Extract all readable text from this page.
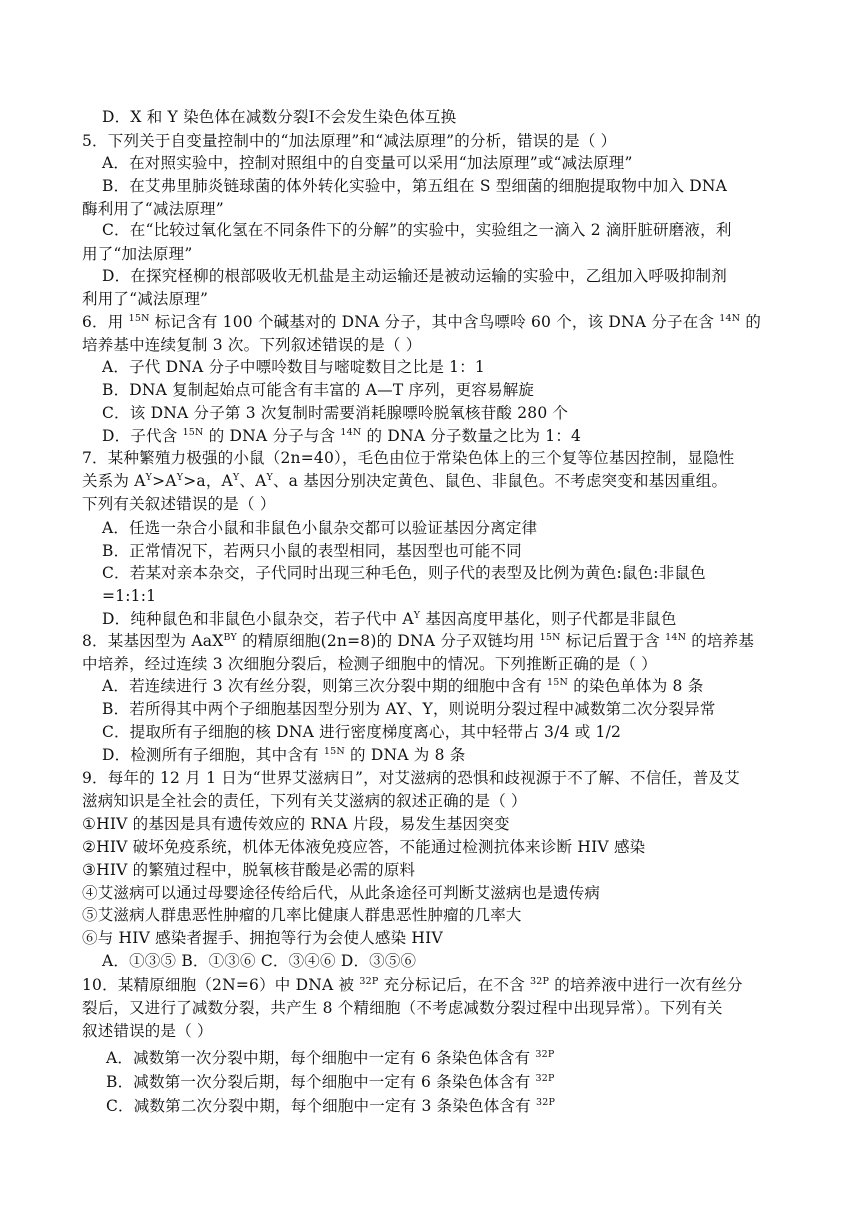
D．X 和 Y 染色体在减数分裂Ⅰ不会发生染色体互换
5．下列关于自变量控制中的“加法原理”和“减法原理”的分析，错误的是（ ）
A．在对照实验中，控制对照组中的自变量可以采用“加法原理”或“减法原理”
B．在艾弗里肺炎链球菌的体外转化实验中，第五组在 S 型细菌的细胞提取物中加入 DNA
酶利用了“减法原理”
C．在“比较过氧化氢在不同条件下的分解”的实验中，实验组之一滴入 2 滴肝脏研磨液，利
用了“加法原理”
D．在探究柽柳的根部吸收无机盐是主动运输还是被动运输的实验中，乙组加入呼吸抑制剂
利用了“减法原理”
6．用 $^{15N}$ 标记含有 100 个碱基对的 DNA 分子，其中含鸟嘌呤 60 个，该 DNA 分子在含 $^{14N}$ 的
培养基中连续复制 3 次。下列叙述错误的是（ ）
A．子代 DNA 分子中嘌呤数目与嘧啶数目之比是 1：1
B．DNA 复制起始点可能含有丰富的 A—T 序列，更容易解旋
C．该 DNA 分子第 3 次复制时需要消耗腺嘌呤脱氧核苷酸 280 个
D．子代含 $^{15N}$ 的 DNA 分子与含 $^{14N}$ 的 DNA 分子数量之比为 1：4
7．某种繁殖力极强的小鼠（2n=40），毛色由位于常染色体上的三个复等位基因控制，显隐性
关系为 $A^Y>A^Y>a$，$A^Y$、$A^Y$、a 基因分别决定黄色、鼠色、非鼠色。不考虑突变和基因重组。
下列有关叙述错误的是（ ）
A．任选一杂合小鼠和非鼠色小鼠杂交都可以验证基因分离定律
B．正常情况下，若两只小鼠的表型相同，基因型也可能不同
C．若某对亲本杂交，子代同时出现三种毛色，则子代的表型及比例为黄色:鼠色:非鼠色
=1:1:1
D．纯种鼠色和非鼠色小鼠杂交，若子代中 $A^Y$ 基因高度甲基化，则子代都是非鼠色
8．某基因型为 AaX$^{BY}$ 的精原细胞(2n=8)的 DNA 分子双链均用 $^{15N}$ 标记后置于含 $^{14N}$ 的培养基
中培养，经过连续 3 次细胞分裂后，检测子细胞中的情况。下列推断正确的是（ ）
A．若连续进行 3 次有丝分裂，则第三次分裂中期的细胞中含有 $^{15N}$ 的染色单体为 8 条
B．若所得其中两个子细胞基因型分别为 AY、Y，则说明分裂过程中减数第二次分裂异常
C．提取所有子细胞的核 DNA 进行密度梯度离心，其中轻带占 3/4 或 1/2
D．检测所有子细胞，其中含有 $^{15N}$ 的 DNA 为 8 条
9．每年的 12 月 1 日为“世界艾滋病日”，对艾滋病的恐惧和歧视源于不了解、不信任，普及艾
滋病知识是全社会的责任，下列有关艾滋病的叙述正确的是（ ）
①HIV 的基因是具有遗传效应的 RNA 片段，易发生基因突变
②HIV 破坏免疫系统，机体无体液免疫应答，不能通过检测抗体来诊断 HIV 感染
③HIV 的繁殖过程中，脱氧核苷酸是必需的原料
④艾滋病可以通过母婴途径传给后代，从此条途径可判断艾滋病也是遗传病
⑤艾滋病人群患恶性肿瘤的几率比健康人群患恶性肿瘤的几率大
⑥与 HIV 感染者握手、拥抱等行为会使人感染 HIV
A．①③⑤ B．①③⑥ C．③④⑥ D．③⑤⑥
10．某精原细胞（2N=6）中 DNA 被 $^{32P}$ 充分标记后，在不含 $^{32P}$ 的培养液中进行一次有丝分
裂后，又进行了减数分裂，共产生 8 个精细胞（不考虑减数分裂过程中出现异常）。下列有关
叙述错误的是（ ）
A．减数第一次分裂中期，每个细胞中一定有 6 条染色体含有 $^{32P}$
B．减数第一次分裂后期，每个细胞中一定有 6 条染色体含有 $^{32P}$
C．减数第二次分裂中期，每个细胞中一定有 3 条染色体含有 $^{32P}$
